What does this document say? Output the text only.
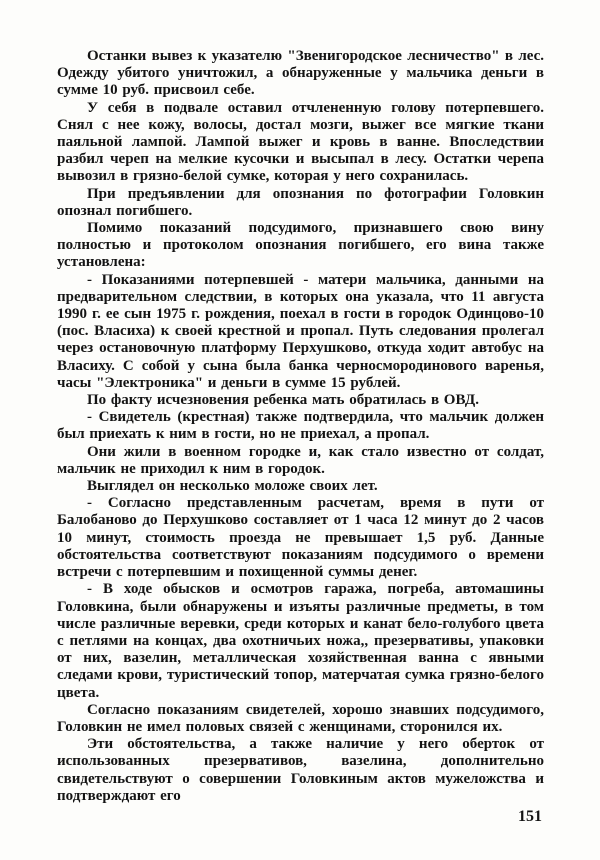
Останки вывез к указателю "Звенигородское лесничество" в лес. Одежду убитого уничтожил, а обнаруженные у мальчика деньги в сумме 10 руб. присвоил себе.

У себя в подвале оставил отчлененную голову потерпевшего. Снял с нее кожу, волосы, достал мозги, выжег все мягкие ткани паяльной лампой. Лампой выжег и кровь в ванне. Впоследствии разбил череп на мелкие кусочки и высыпал в лесу. Остатки черепа вывозил в грязно-белой сумке, которая у него сохранилась.

При предъявлении для опознания по фотографии Головкин опознал погибшего.

Помимо показаний подсудимого, признавшего свою вину полностью и протоколом опознания погибшего, его вина также установлена:

- Показаниями потерпевшей - матери мальчика, данными на предварительном следствии, в которых она указала, что 11 августа 1990 г. ее сын 1975 г. рождения, поехал в гости в городок Одинцово-10 (пос. Власиха) к своей крестной и пропал. Путь следования пролегал через остановочную платформу Перхушково, откуда ходит автобус на Власиху. С собой у сына была банка черносмородинового варенья, часы "Электроника" и деньги в сумме 15 рублей.

По факту исчезновения ребенка мать обратилась в ОВД.

- Свидетель (крестная) также подтвердила, что мальчик должен был приехать к ним в гости, но не приехал, а пропал.

Они жили в военном городке и, как стало известно от солдат, мальчик не приходил к ним в городок.

Выглядел он несколько моложе своих лет.

- Согласно представленным расчетам, время в пути от Балобаново до Перхушково составляет от 1 часа 12 минут до 2 часов 10 минут, стоимость проезда не превышает 1,5 руб. Данные обстоятельства соответствуют показаниям подсудимого о времени встречи с потерпевшим и похищенной суммы денег.

- В ходе обысков и осмотров гаража, погреба, автомашины Головкина, были обнаружены и изъяты различные предметы, в том числе различные веревки, среди которых и канат бело-голубого цвета с петлями на концах, два охотничьих ножа,, презервативы, упаковки от них, вазелин, металлическая хозяйственная ванна с явными следами крови, туристический топор, матерчатая сумка грязно-белого цвета.

Согласно показаниям свидетелей, хорошо знавших подсудимого, Головкин не имел половых связей с женщинами, сторонился их.

Эти обстоятельства, а также наличие у него оберток от использованных презервативов, вазелина, дополнительно свидетельствуют о совершении Головкиным актов мужеложства и подтверждают его

151
